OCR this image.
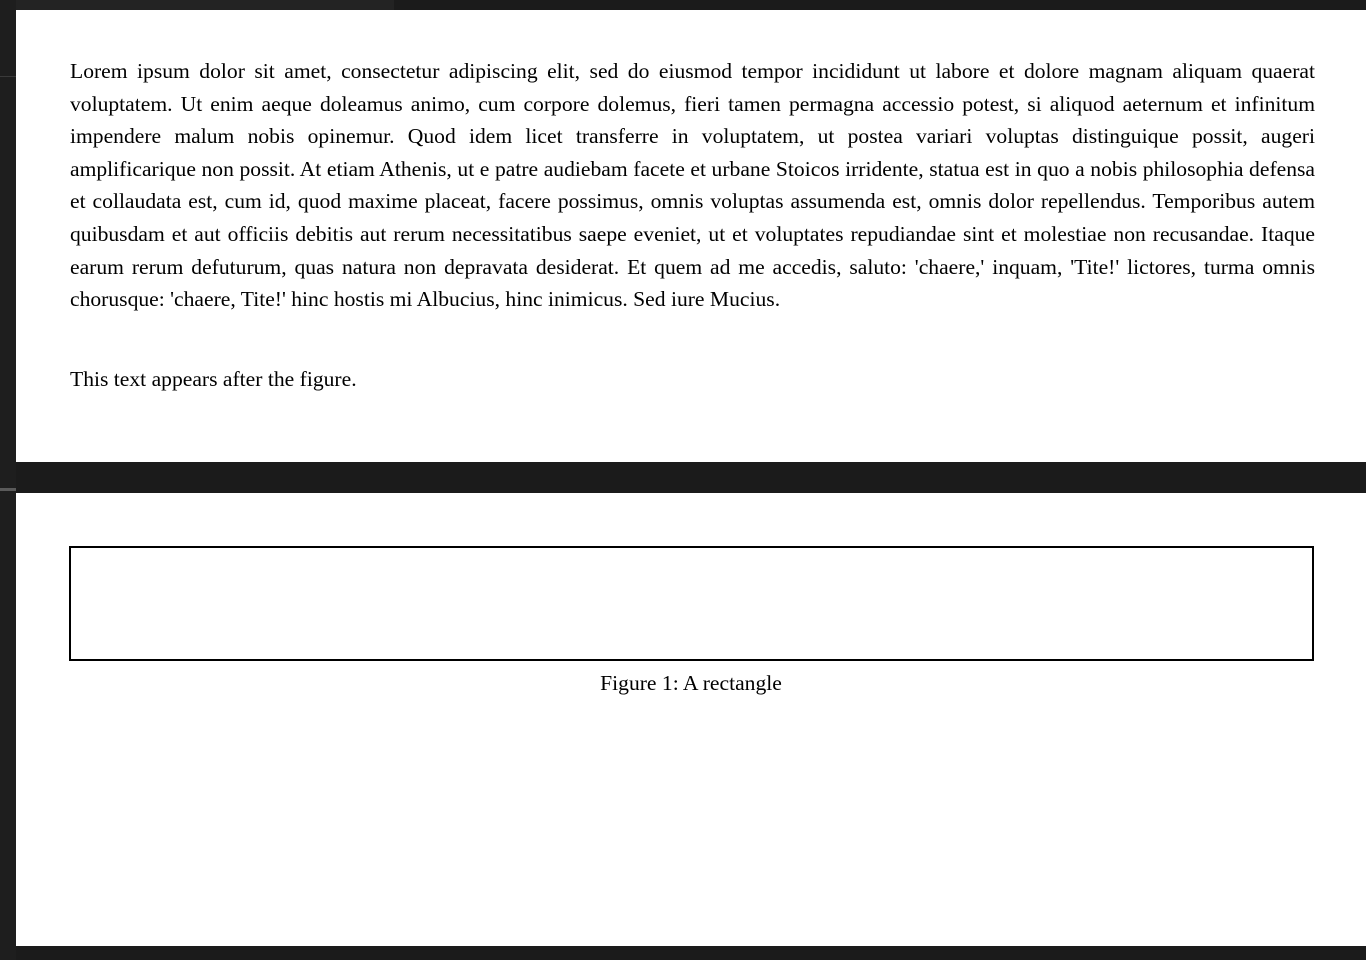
Lorem ipsum dolor sit amet, consectetur adipiscing elit, sed do eiusmod tempor incididunt ut labore et dolore magnam aliquam quaerat voluptatem. Ut enim aeque doleamus animo, cum corpore dolemus, fieri tamen permagna accessio potest, si aliquod aeternum et infinitum impendere malum nobis opinemur. Quod idem licet transferre in voluptatem, ut postea variari voluptas distinguique possit, augeri amplificarique non possit. At etiam Athenis, ut e patre audiebam facete et urbane Stoicos irridente, statua est in quo a nobis philosophia defensa et collaudata est, cum id, quod maxime placeat, facere possimus, omnis voluptas assumenda est, omnis dolor repellendus. Temporibus autem quibusdam et aut officiis debitis aut rerum necessitatibus saepe eveniet, ut et voluptates repudiandae sint et molestiae non recusandae. Itaque earum rerum defuturum, quas natura non depravata desiderat. Et quem ad me accedis, saluto: 'chaere,' inquam, 'Tite!' lictores, turma omnis chorusque: 'chaere, Tite!' hinc hostis mi Albucius, hinc inimicus. Sed iure Mucius.

This text appears after the figure.

Figure 1: A rectangle
